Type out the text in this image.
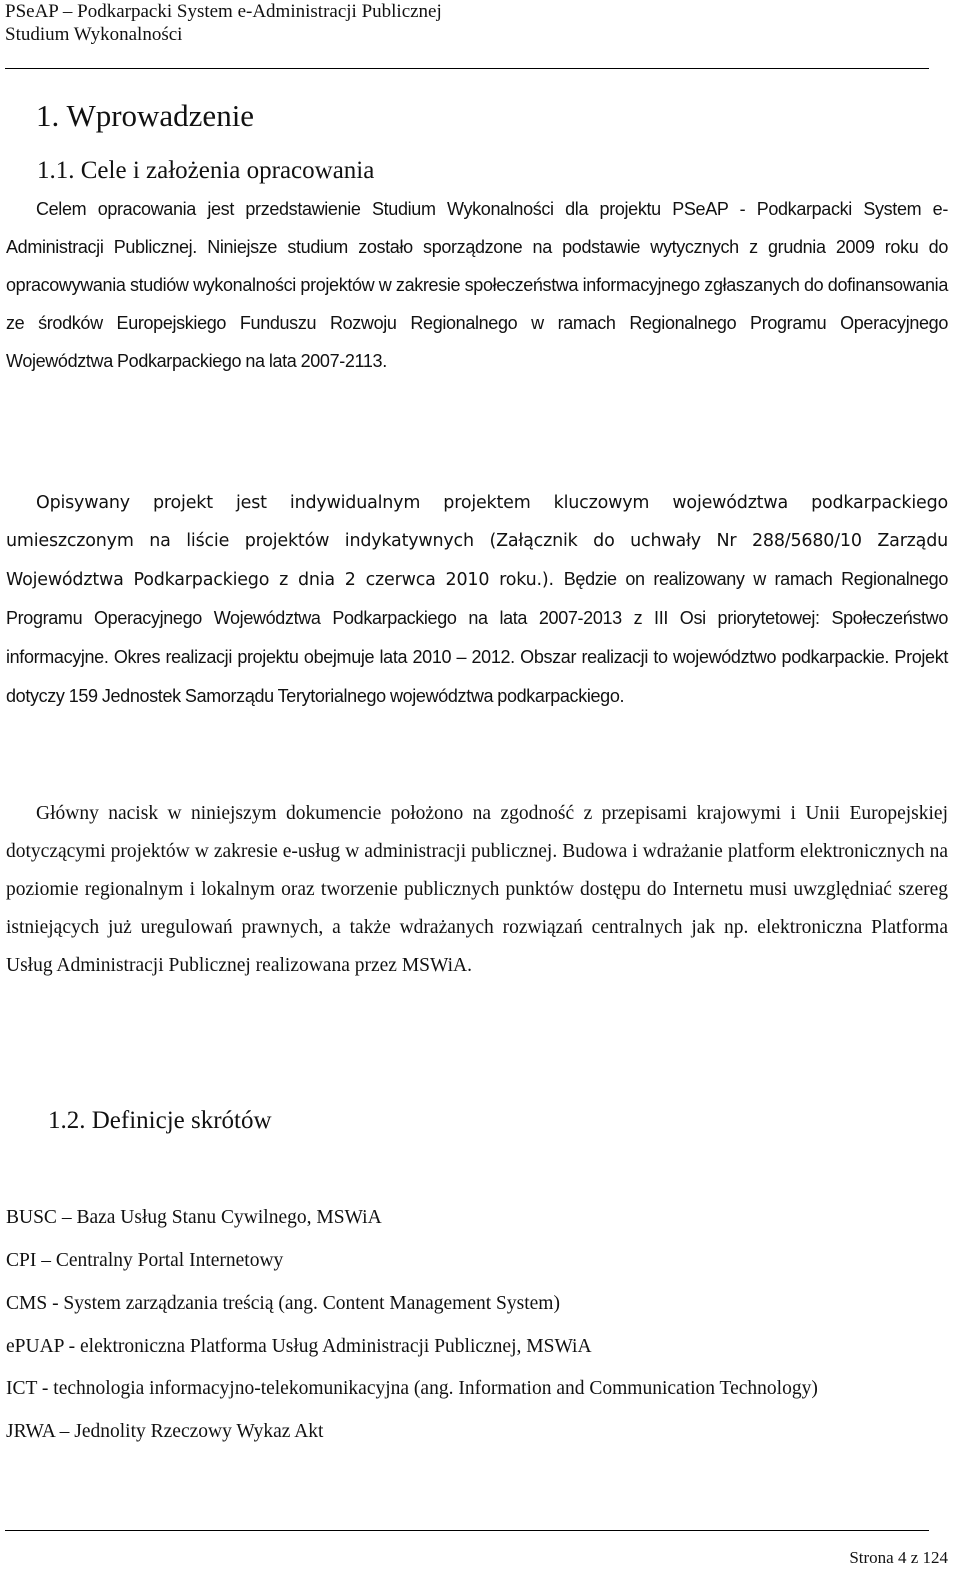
PSeAP – Podkarpacki System e-Administracji Publicznej
Studium Wykonalności
1. Wprowadzenie
1.1. Cele i założenia opracowania
Celem opracowania jest przedstawienie Studium Wykonalności dla projektu PSeAP - Podkarpacki System e-Administracji Publicznej. Niniejsze studium zostało sporządzone na podstawie wytycznych z grudnia 2009 roku do opracowywania studiów wykonalności projektów w zakresie społeczeństwa informacyjnego zgłaszanych do dofinansowania ze środków Europejskiego Funduszu Rozwoju Regionalnego w ramach Regionalnego Programu Operacyjnego Województwa Podkarpackiego na lata 2007-2113.
Opisywany projekt jest indywidualnym projektem kluczowym województwa podkarpackiego umieszczonym na liście projektów indykatywnych (Załącznik do uchwały Nr 288/5680/10 Zarządu Województwa Podkarpackiego z dnia 2 czerwca 2010 roku.). Będzie on realizowany w ramach Regionalnego Programu Operacyjnego Województwa Podkarpackiego na lata 2007-2013 z III Osi priorytetowej: Społeczeństwo informacyjne. Okres realizacji projektu obejmuje lata 2010 – 2012. Obszar realizacji to województwo podkarpackie. Projekt dotyczy 159 Jednostek Samorządu Terytorialnego województwa podkarpackiego.
Główny nacisk w niniejszym dokumencie położono na zgodność z przepisami krajowymi i Unii Europejskiej dotyczącymi projektów w zakresie e-usług w administracji publicznej. Budowa i wdrażanie platform elektronicznych na poziomie regionalnym i lokalnym oraz tworzenie publicznych punktów dostępu do Internetu musi uwzględniać szereg istniejących już uregulowań prawnych, a także wdrażanych rozwiązań centralnych jak np. elektroniczna Platforma Usług Administracji Publicznej realizowana przez MSWiA.
1.2. Definicje skrótów
BUSC – Baza Usług Stanu Cywilnego, MSWiA
CPI – Centralny Portal Internetowy
CMS - System zarządzania treścią (ang. Content Management System)
ePUAP - elektroniczna Platforma Usług Administracji Publicznej, MSWiA
ICT - technologia informacyjno-telekomunikacyjna (ang. Information and Communication Technology)
JRWA – Jednolity Rzeczowy Wykaz Akt
Strona 4 z 124
